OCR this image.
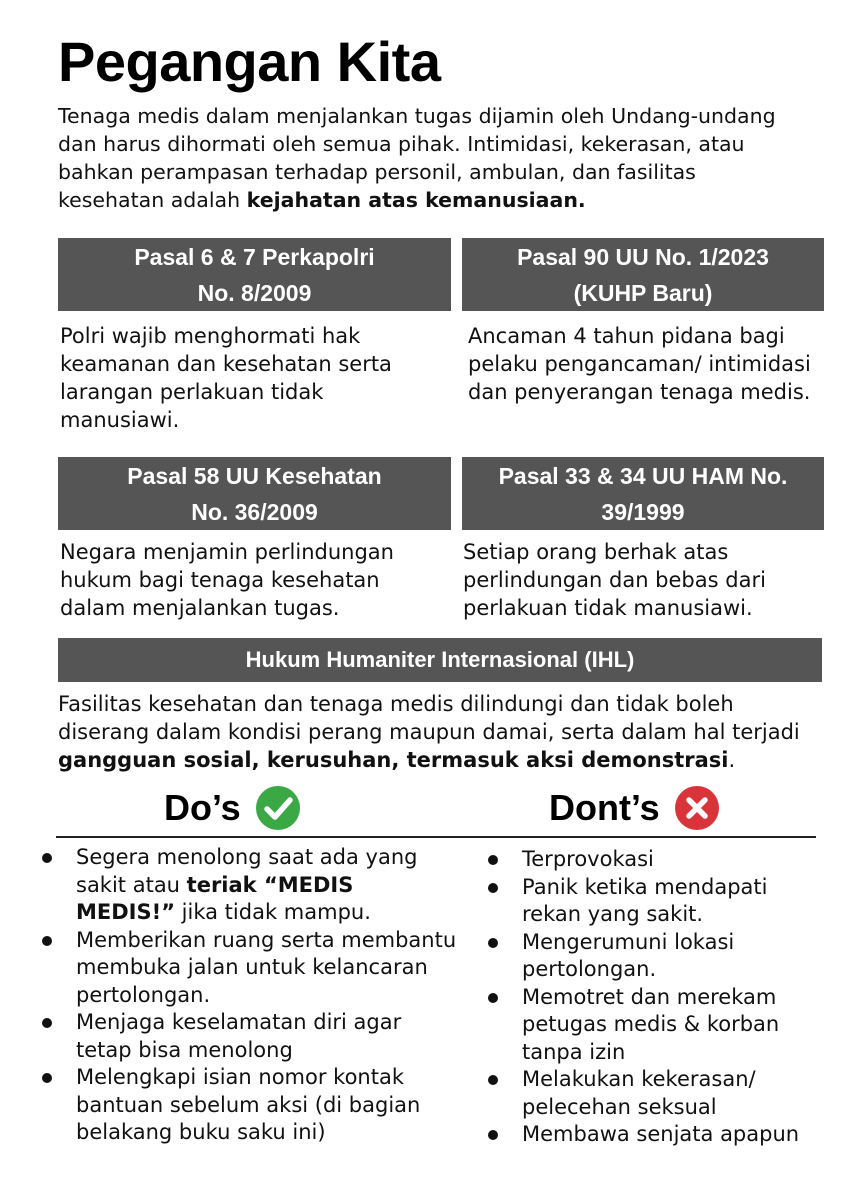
Pegangan Kita

Tenaga medis dalam menjalankan tugas dijamin oleh Undang-undang dan harus dihormati oleh semua pihak. Intimidasi, kekerasan, atau bahkan perampasan terhadap personil, ambulan, dan fasilitas kesehatan adalah kejahatan atas kemanusiaan.

Pasal 6 & 7 Perkapolri
No. 8/2009
Polri wajib menghormati hak keamanan dan kesehatan serta larangan perlakuan tidak manusiawi.
Pasal 90 UU No. 1/2023
(KUHP Baru)
Ancaman 4 tahun pidana bagi pelaku pengancaman/ intimidasi dan penyerangan tenaga medis.
Pasal 58 UU Kesehatan
No. 36/2009
Negara menjamin perlindungan hukum bagi tenaga kesehatan dalam menjalankan tugas.
Pasal 33 & 34 UU HAM No.
39/1999
Setiap orang berhak atas perlindungan dan bebas dari perlakuan tidak manusiawi.
Hukum Humaniter Internasional (IHL)

Fasilitas kesehatan dan tenaga medis dilindungi dan tidak boleh diserang dalam kondisi perang maupun damai, serta dalam hal terjadi gangguan sosial, kerusuhan, termasuk aksi demonstrasi.

Do’s	Dont’s
Segera menolong saat ada yang sakit atau teriak “MEDIS MEDIS!” jika tidak mampu.
Memberikan ruang serta membantu membuka jalan untuk kelancaran pertolongan.
Menjaga keselamatan diri agar tetap bisa menolong
Melengkapi isian nomor kontak bantuan sebelum aksi (di bagian belakang buku saku ini)
Terprovokasi
Panik ketika mendapati rekan yang sakit.
Mengerumuni lokasi pertolongan.
Memotret dan merekam petugas medis & korban tanpa izin
Melakukan kekerasan/ pelecehan seksual
Membawa senjata apapun
